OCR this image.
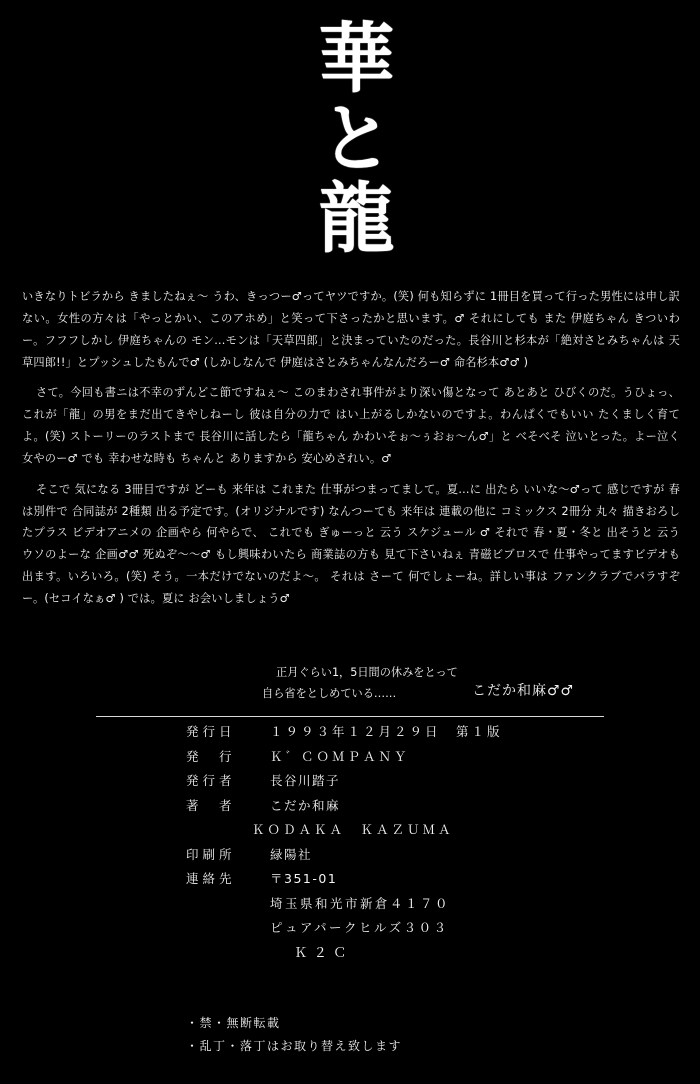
華と龍

いきなりトビラから きましたねぇ～ うわ、きっつー♂ってヤツですか。(笑) 何も知らずに 1冊目を買って行った男性には申し訳ない。女性の方々は「やっとかい、このアホめ」と笑って下さったかと思います。♂ それにしても また 伊庭ちゃん きついわー。フフフしかし 伊庭ちゃんの モン...モンは「天草四郎」と決まっていたのだった。長谷川と杉本が「絶対さとみちゃんは 天草四郎!!」とプッシュしたもんで♂ (しかしなんで 伊庭はさとみちゃんなんだろー♂ 命名杉本♂♂ )

さて。今回も書ニは不幸のずんどこ節ですねぇ～ このまわされ事件がより深い傷となって あとあと ひびくのだ。うひょっ、これが「龍」の男をまだ出てきやしねーし 彼は自分の力で はい上がるしかないのですよ。わんぱくでもいい たくましく育てよ。(笑) ストーリーのラストまで 長谷川に話したら「龍ちゃん かわいそぉ～ぅおぉ～ん♂」と べそべそ 泣いとった。よー泣く女やのー♂ でも 幸わせな時も ちゃんと ありますから 安心めされい。♂

そこで 気になる 3冊目ですが どーも 来年は これまた 仕事がつまってまして。夏...に 出たら いいな～♂って 感じですが 春は別件で 合同誌が 2種類 出る予定です。(オリジナルです) なんつーても 来年は 連載の他に コミックス 2冊分 丸々 描きおろしたプラス ビデオアニメの 企画やら 何やらで、 これでも ぎゅーっと 云う スケジュール ♂ それで 春・夏・冬と 出そうと 云う ウソのよーな 企画♂♂ 死ぬぞ～～♂ もし興味わいたら 商業誌の方も 見て下さいねぇ 青磁ビブロスで 仕事やってますビデオも 出ます。いろいろ。(笑) そう。一本だけでないのだよ～。 それは さーて 何でしょーね。詳しい事は ファンクラブでバラすぞー。(セコイなぁ♂ ) では。夏に お会いしましょう♂

正月ぐらい1，5日間の休みをとって
自ら省をとしめている‥‥‥	こだか和麻♂♂
発行日	１９９３年１２月２９日　第１版
発　行	Ｋ゛ＣＯＭＰＡＮＹ
発行者	長谷川踏子
著　者	こだか和麻
ＫＯＤＡＫＡ　ＫＡＺＵＭＡ
印刷所	緑陽社
連絡先	〒351-01
埼玉県和光市新倉４１７０
ピュアパークヒルズ３０３
Ｋ２Ｃ
・禁・無断転載
・乱丁・落丁はお取り替え致します
